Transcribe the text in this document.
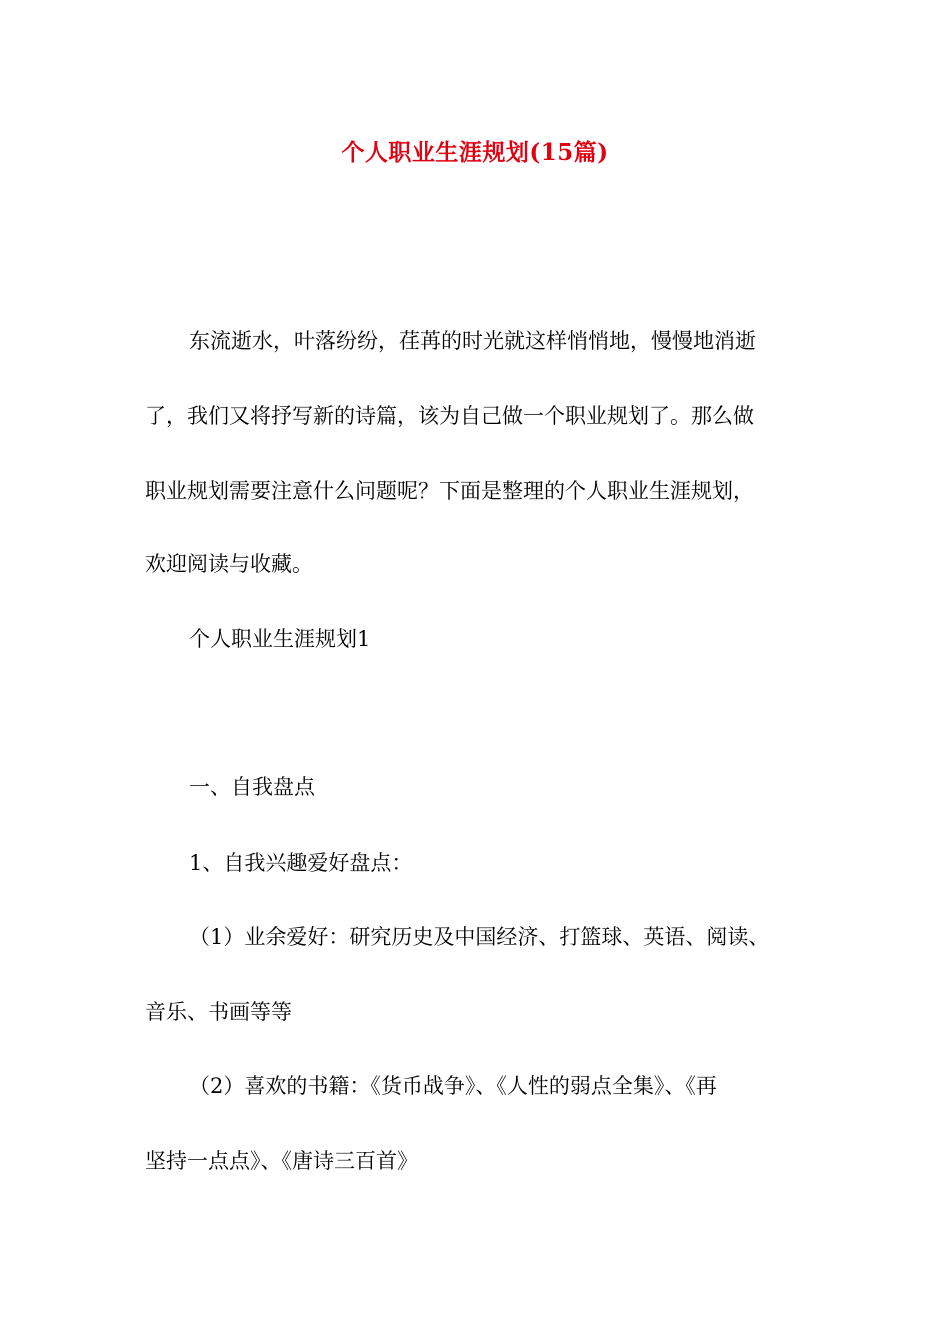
个人职业生涯规划(15篇)
东流逝水，叶落纷纷，荏苒的时光就这样悄悄地，慢慢地消逝
了，我们又将抒写新的诗篇，该为自己做一个职业规划了。那么做
职业规划需要注意什么问题呢？下面是整理的个人职业生涯规划，
欢迎阅读与收藏。
个人职业生涯规划1
一、自我盘点
1、自我兴趣爱好盘点：
（1）业余爱好：研究历史及中国经济、打篮球、英语、阅读、
音乐、书画等等
（2）喜欢的书籍：《货币战争》、《人性的弱点全集》、《再
坚持一点点》、《唐诗三百首》
